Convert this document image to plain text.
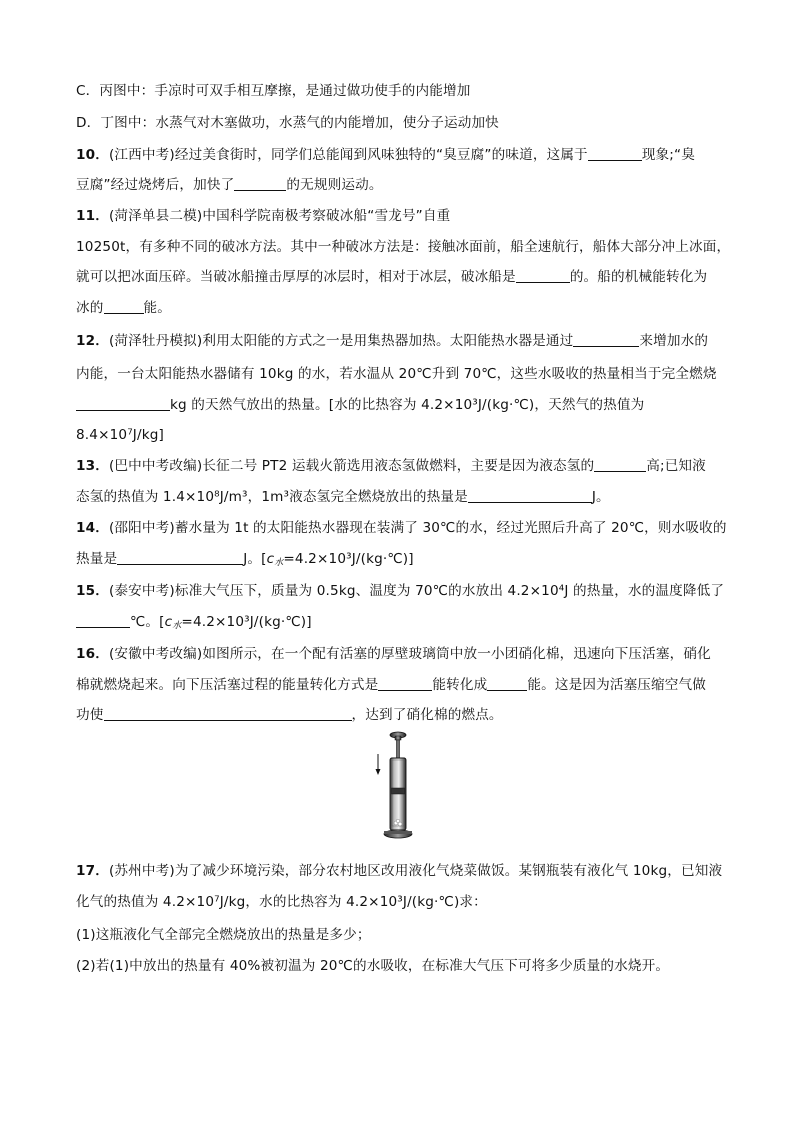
C．丙图中：手凉时可双手相互摩擦，是通过做功使手的内能增加
D．丁图中：水蒸气对木塞做功，水蒸气的内能增加，使分子运动加快
10．(江西中考)经过美食街时，同学们总能闻到风味独特的“臭豆腐”的味道，这属于	现象;“臭
豆腐”经过烧烤后，加快了	的无规则运动。
11．(菏泽单县二模)中国科学院南极考察破冰船“雪龙号”自重
10250t，有多种不同的破冰方法。其中一种破冰方法是：接触冰面前，船全速航行，船体大部分冲上冰面，
就可以把冰面压碎。当破冰船撞击厚厚的冰层时，相对于冰层，破冰船是	的。船的机械能转化为
冰的	能。
12．(菏泽牡丹模拟)利用太阳能的方式之一是用集热器加热。太阳能热水器是通过	来增加水的
内能，一台太阳能热水器储有 10kg 的水，若水温从 20℃升到 70℃，这些水吸收的热量相当于完全燃烧
kg 的天然气放出的热量。[水的比热容为 4.2×10³J/(kg·℃)，天然气的热值为
8.4×10⁷J/kg]
13．(巴中中考改编)长征二号 PT2 运载火箭选用液态氢做燃料，主要是因为液态氢的	高;已知液
态氢的热值为 1.4×10⁸J/m³，1m³液态氢完全燃烧放出的热量是	J。
14．(邵阳中考)蓄水量为 1t 的太阳能热水器现在装满了 30℃的水，经过光照后升高了 20℃，则水吸收的
热量是	J。$[c_水=4.2\times 10^3J/(kg\cdot℃)]$
15．(泰安中考)标准大气压下，质量为 0.5kg、温度为 70℃的水放出 4.2×10⁴J 的热量，水的温度降低了
℃。$[c_水=4.2\times 10^3J/(kg\cdot℃)]$
16．(安徽中考改编)如图所示，在一个配有活塞的厚壁玻璃筒中放一小团硝化棉，迅速向下压活塞，硝化
棉就燃烧起来。向下压活塞过程的能量转化方式是	能转化成	能。这是因为活塞压缩空气做
功使	，达到了硝化棉的燃点。
17．(苏州中考)为了减少环境污染，部分农村地区改用液化气烧菜做饭。某钢瓶装有液化气 10kg，已知液
化气的热值为 4.2×10⁷J/kg，水的比热容为 4.2×10³J/(kg·℃)求：
(1)这瓶液化气全部完全燃烧放出的热量是多少；
(2)若(1)中放出的热量有 40%被初温为 20℃的水吸收，在标准大气压下可将多少质量的水烧开。
